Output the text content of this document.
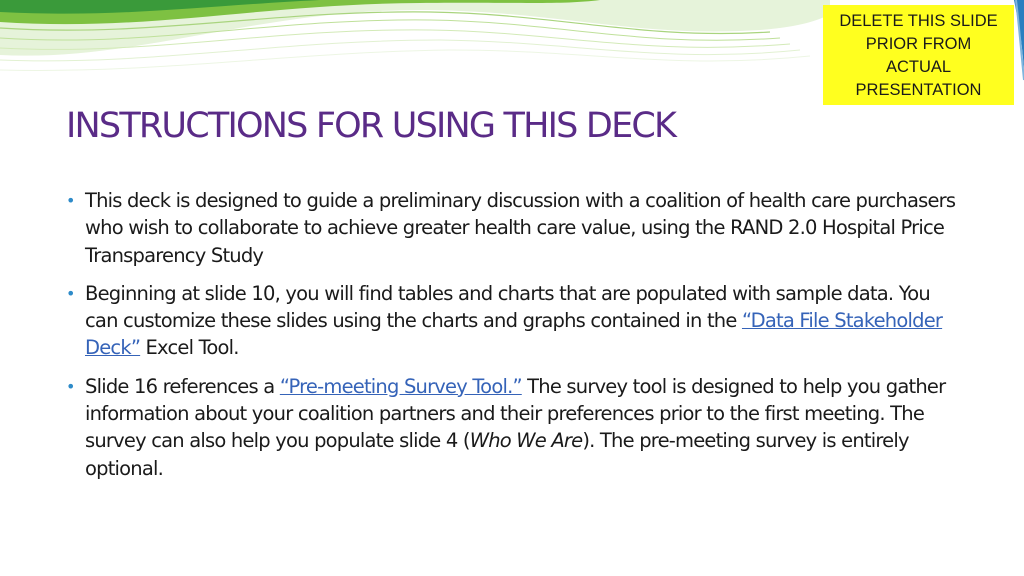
DELETE THIS SLIDE
PRIOR FROM
ACTUAL
PRESENTATION
INSTRUCTIONS FOR USING THIS DECK
• This deck is designed to guide a preliminary discussion with a coalition of health care purchasers who wish to collaborate to achieve greater health care value, using the RAND 2.0 Hospital Price Transparency Study
• Beginning at slide 10, you will find tables and charts that are populated with sample data. You can customize these slides using the charts and graphs contained in the “Data File Stakeholder Deck” Excel Tool.
• Slide 16 references a “Pre-meeting Survey Tool.” The survey tool is designed to help you gather information about your coalition partners and their preferences prior to the first meeting. The survey can also help you populate slide 4 (Who We Are). The pre-meeting survey is entirely optional.
